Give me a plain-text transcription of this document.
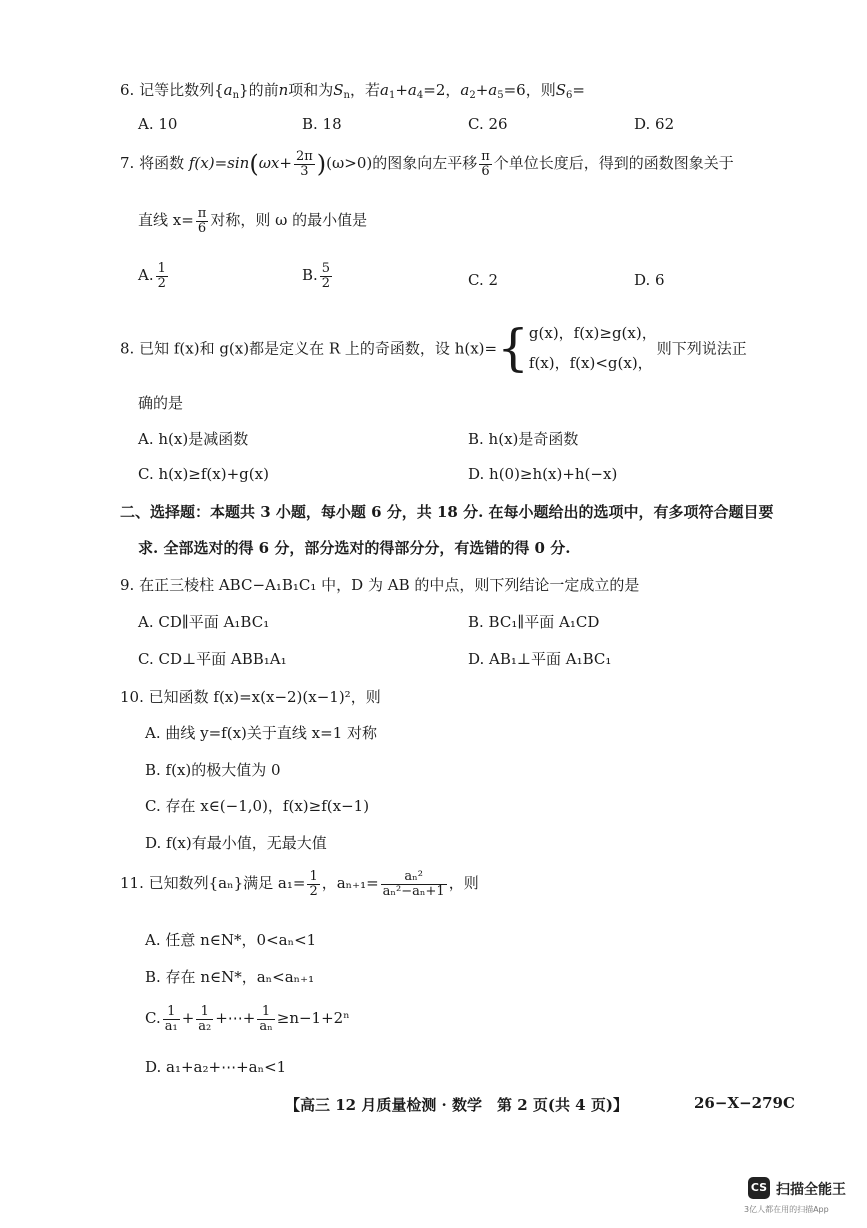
6. 记等比数列$\{a_n\}$的前n项和为$S_n$，若$a_1+a_4=2$，$a_2+a_5=6$，则$S_6=$
A. 10	B. 18	C. 26	D. 62
7. 将函数 $f(x)=\sin(\omega x+ \frac{2\pi}{3} )(\omega>0)$的图象向左平移 $\frac{\pi}{6}$ 个单位长度后，得到的函数图象关于
直线 $x= \frac{\pi}{6}$ 对称，则 ω 的最小值是
A. $\frac{1}{2}$	B. $\frac{5}{2}$	C. 2	D. 6
8. 已知 f(x)和 g(x)都是定义在 R 上的奇函数，设 h(x)={ g(x)，f(x)≥g(x)，
f(x)，f(x)<g(x)，
则下列说法正
确的是
A. h(x)是减函数	B. h(x)是奇函数
C. h(x)≥f(x)+g(x)	D. h(0)≥h(x)+h(−x)
二、选择题：本题共 3 小题，每小题 6 分，共 18 分. 在每小题给出的选项中，有多项符合题目要
求. 全部选对的得 6 分，部分选对的得部分分，有选错的得 0 分.
9. 在正三棱柱 ABC−A₁B₁C₁ 中，D 为 AB 的中点，则下列结论一定成立的是
A. CD∥平面 A₁BC₁	B. BC₁∥平面 A₁CD
C. CD⊥平面 ABB₁A₁	D. AB₁⊥平面 A₁BC₁
10. 已知函数 f(x)=x(x−2)(x−1)²，则
A. 曲线 y=f(x)关于直线 x=1 对称
B. f(x)的极大值为 0
C. 存在 x∈(−1,0)，f(x)≥f(x−1)
D. f(x)有最小值，无最大值
11. 已知数列{aₙ}满足 $a_1= \frac{1}{2}$ ，$a_{n+1}= \frac{\text{aₙ²}}{\text{aₙ²−aₙ+1}}$ ，则
A. 任意 n∈N*，0<aₙ<1
B. 存在 n∈N*，aₙ<aₙ₊₁
C. $\frac{1}{\text{a₁}} + \frac{1}{\text{a₂}}$ +⋯+ $\frac{1}{\text{aₙ}} \ge n-1+2^n$
D. a₁+a₂+⋯+aₙ<1
【高三 12 月质量检测 · 数学　第 2 页(共 4 页)】	26−X−279C
CS 扫描全能王
3亿人都在用的扫描App
